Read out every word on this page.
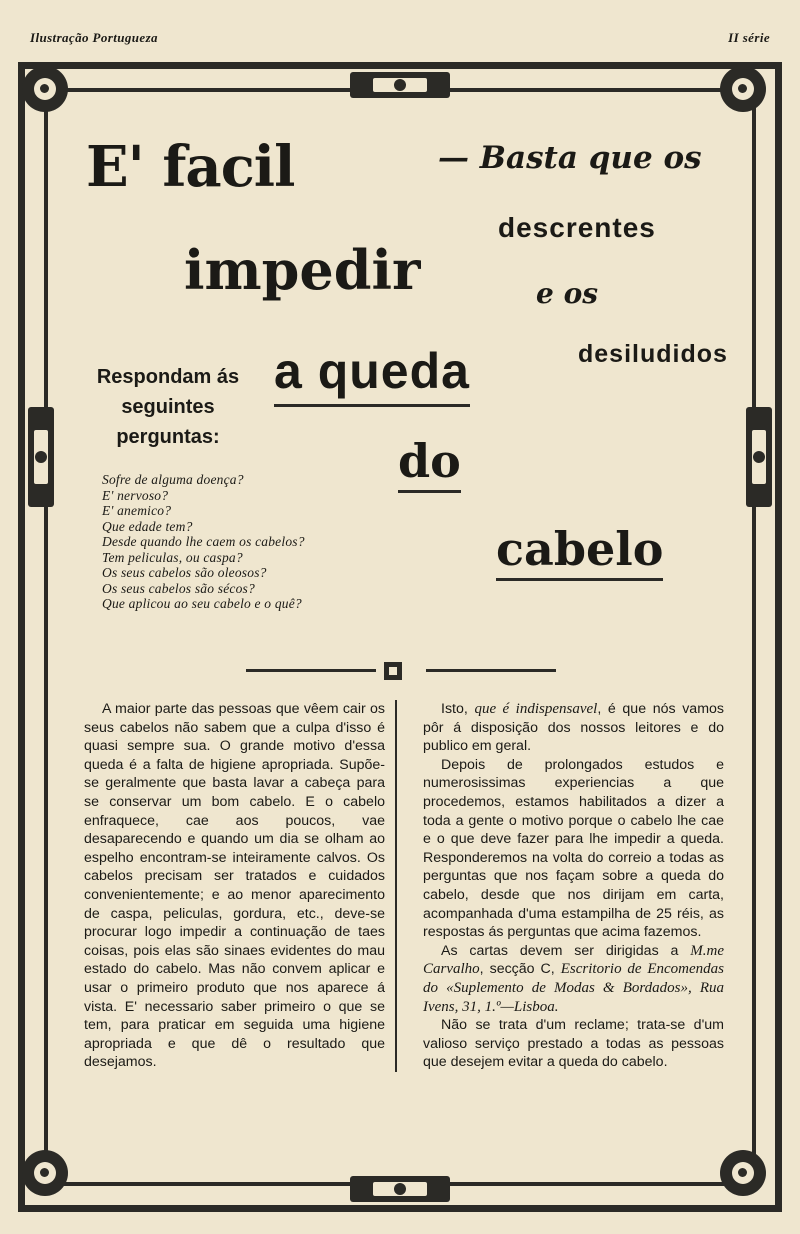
Ilustração Portugueza	II série
E' facil
impedir
a queda
do
cabelo
— Basta que os
descrentes
e os
desiludidos
Respondam ás seguintes perguntas:
Sofre de alguma doença?
E' nervoso?
E' anemico?
Que edade tem?
Desde quando lhe caem os cabelos?
Tem peliculas, ou caspa?
Os seus cabelos são oleosos?
Os seus cabelos são sécos?
Que aplicou ao seu cabelo e o quê?

A maior parte das pessoas que vêem cair os seus cabelos não sabem que a culpa d'isso é quasi sempre sua. O grande motivo d'essa queda é a falta de higiene apropriada. Supõe-se geralmente que basta lavar a cabeça para se conservar um bom cabelo. E o cabelo enfraquece, cae aos poucos, vae desaparecendo e quando um dia se olham ao espelho encontram-se inteiramente calvos. Os cabelos precisam ser tratados e cuidados convenientemente; e ao menor aparecimento de caspa, peliculas, gordura, etc., deve-se procurar logo impedir a continuação de taes coisas, pois elas são sinaes evidentes do mau estado do cabelo. Mas não convem aplicar e usar o primeiro produto que nos aparece á vista. E' necessario saber primeiro o que se tem, para praticar em seguida uma higiene apropriada e que dê o resultado que desejamos.

Isto, que é indispensavel, é que nós vamos pôr á disposição dos nossos leitores e do publico em geral.

Depois de prolongados estudos e numerosissimas experiencias a que procedemos, estamos habilitados a dizer a toda a gente o motivo porque o cabelo lhe cae e o que deve fazer para lhe impedir a queda. Responderemos na volta do correio a todas as perguntas que nos façam sobre a queda do cabelo, desde que nos dirijam em carta, acompanhada d'uma estampilha de 25 réis, as respostas ás perguntas que acima fazemos.

As cartas devem ser dirigidas a M.me Carvalho, secção C, Escritorio de Encomendas do «Suplemento de Modas & Bordados», Rua Ivens, 31, 1.º—Lisboa.

Não se trata d'um reclame; trata-se d'um valioso serviço prestado a todas as pessoas que desejem evitar a queda do cabelo.
